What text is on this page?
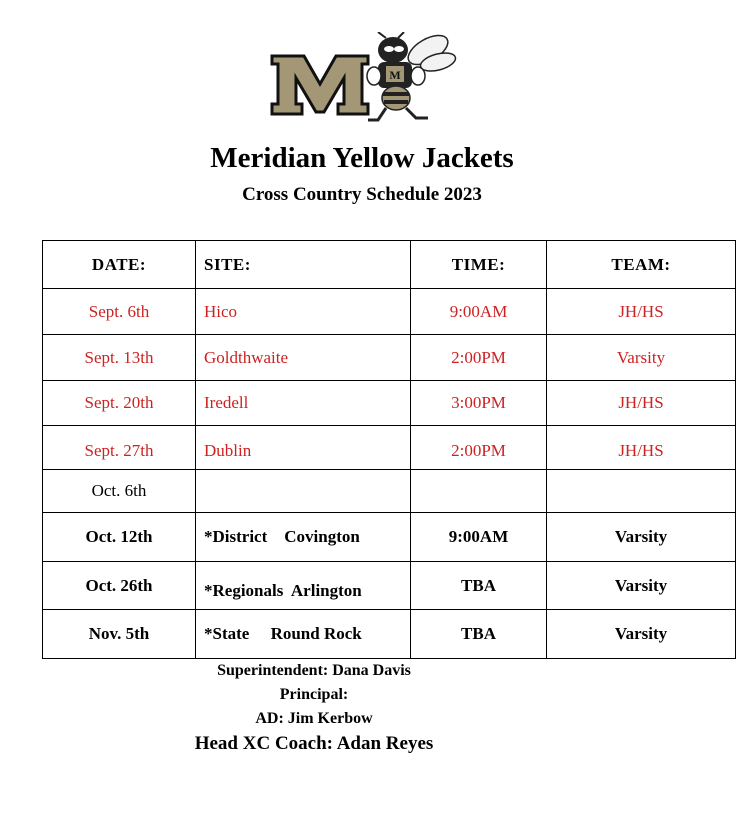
M
Meridian Yellow Jackets
Cross Country Schedule 2023
DATE:	SITE:	TIME:	TEAM:
Sept. 6th	Hico	9:00AM	JH/HS
Sept. 13th	Goldthwaite	2:00PM	Varsity
Sept. 20th	Iredell	3:00PM	JH/HS
Sept. 27th	Dublin	2:00PM	JH/HS
Oct. 6th			
Oct. 12th	*District    Covington	9:00AM	Varsity
Oct. 26th	*Regionals  Arlington	TBA	Varsity
Nov. 5th	*State     Round Rock	TBA	Varsity
Superintendent: Dana Davis
Principal:
AD: Jim Kerbow
Head XC Coach: Adan Reyes
